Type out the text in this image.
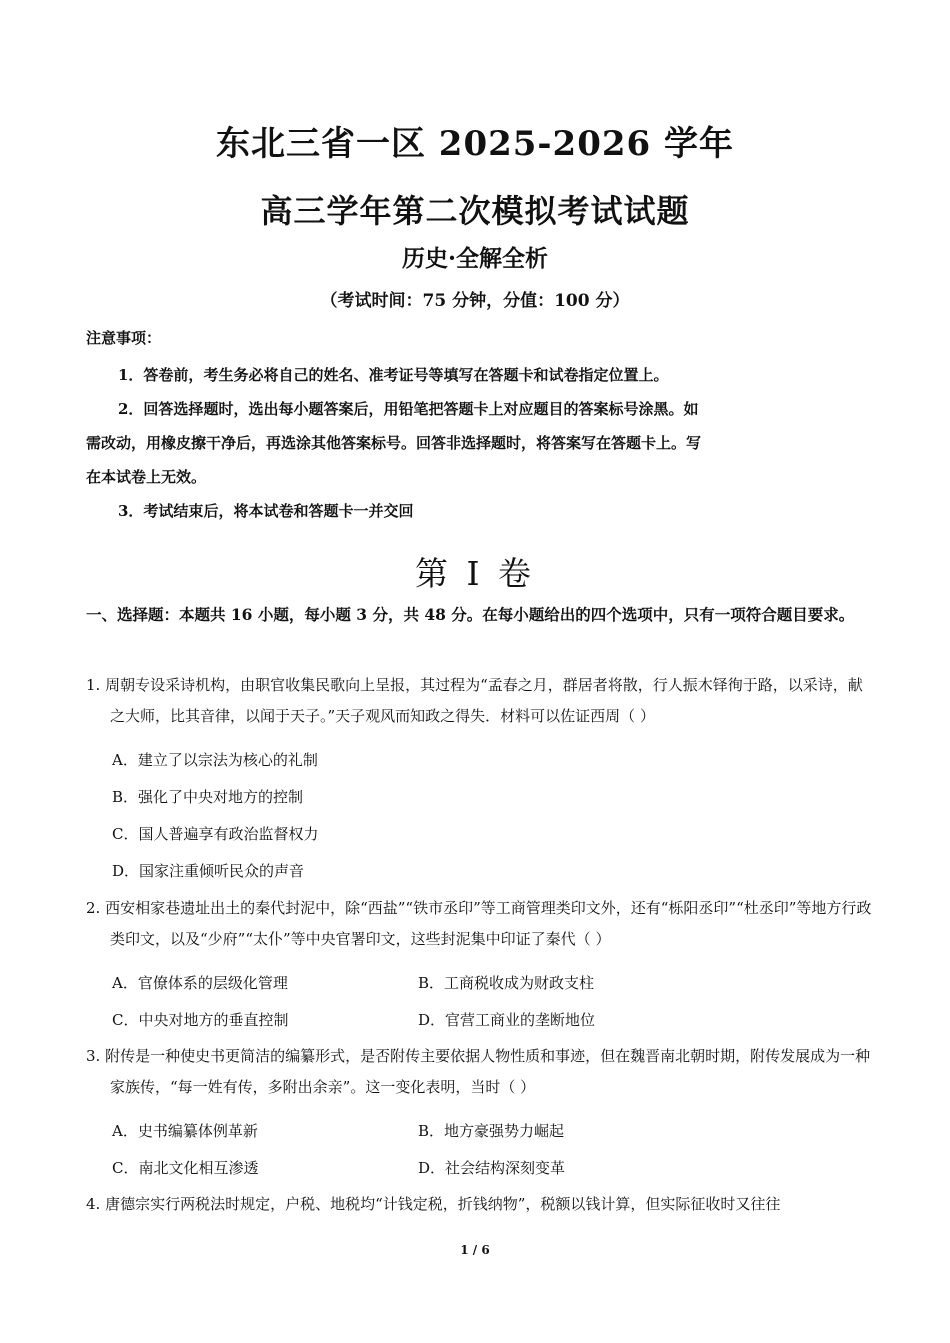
东北三省一区 2025-2026 学年
高三学年第二次模拟考试试题
历史·全解全析
（考试时间：75 分钟，分值：100 分）
注意事项：
1．答卷前，考生务必将自己的姓名、准考证号等填写在答题卡和试卷指定位置上。
2．回答选择题时，选出每小题答案后，用铅笔把答题卡上对应题目的答案标号涂黑。如
需改动，用橡皮擦干净后，再选涂其他答案标号。回答非选择题时，将答案写在答题卡上。写
在本试卷上无效。
3．考试结束后，将本试卷和答题卡一并交回
第 I 卷
一、选择题：本题共 16 小题，每小题 3 分，共 48 分。在每小题给出的四个选项中，只有一项符合题目要求。
1. 周朝专设采诗机构，由职官收集民歌向上呈报，其过程为“孟春之月，群居者将散，行人振木铎徇于路，以采诗，献之大师，比其音律，以闻于天子。”天子观风而知政之得失．材料可以佐证西周（ ）
A．建立了以宗法为核心的礼制
B．强化了中央对地方的控制
C．国人普遍享有政治监督权力
D．国家注重倾听民众的声音
2. 西安相家巷遗址出土的秦代封泥中，除“西盐”“铁市丞印”等工商管理类印文外，还有“栎阳丞印”“杜丞印”等地方行政类印文，以及“少府”“太仆”等中央官署印文，这些封泥集中印证了秦代（ ）
A．官僚体系的层级化管理	B．工商税收成为财政支柱
C．中央对地方的垂直控制	D．官营工商业的垄断地位
3. 附传是一种使史书更简洁的编纂形式，是否附传主要依据人物性质和事迹，但在魏晋南北朝时期，附传发展成为一种家族传，“每一姓有传，多附出余亲”。这一变化表明，当时（ ）
A．史书编纂体例革新	B．地方豪强势力崛起
C．南北文化相互渗透	D．社会结构深刻变革
4. 唐德宗实行两税法时规定，户税、地税均“计钱定税，折钱纳物”，税额以钱计算，但实际征收时又往往
1 / 6
